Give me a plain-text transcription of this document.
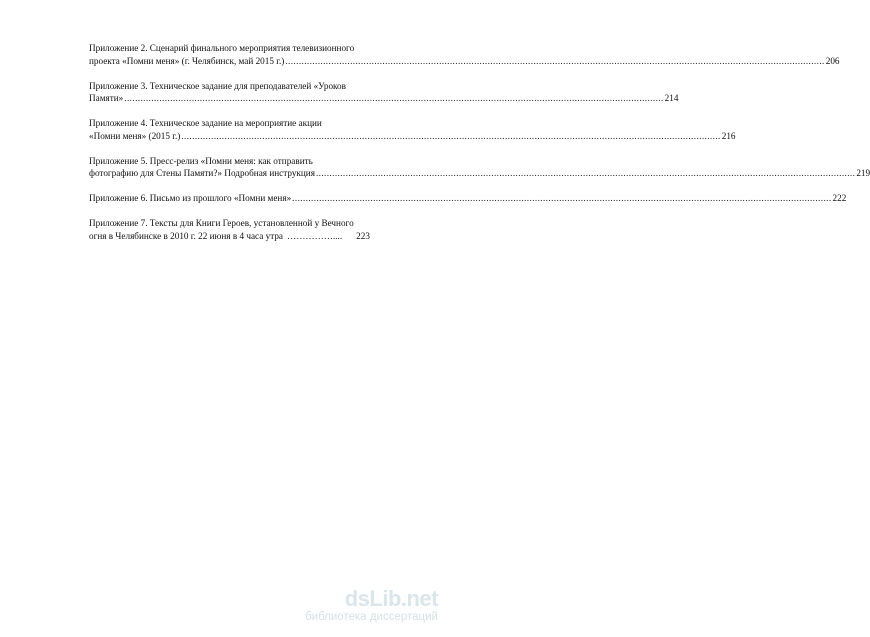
Приложение 2. Сценарий финального мероприятия телевизионного
проекта «Помни меня» (г. Челябинск, май 2015 г.) ........................................................................................................................................................................................................ 206
Приложение 3. Техническое задание для преподавателей «Уроков
Памяти» ........................................................................................................................................................................................................ 214
Приложение 4. Техническое задание на мероприятие акции
«Помни меня» (2015 г.) ........................................................................................................................................................................................................ 216
Приложение 5. Пресс-релиз «Помни меня: как отправить
фотографию для Стены Памяти?» Подробная инструкция ........................................................................................................................................................................................................ 219
Приложение 6. Письмо из прошлого «Помни меня» ........................................................................................................................................................................................................ 222
Приложение 7. Тексты для Книги Героев, установленной у Вечного
огня в Челябинске в 2010 г. 22 июня в 4 часа утра …………….... 223
dsLib.net
библиотека диссертаций
